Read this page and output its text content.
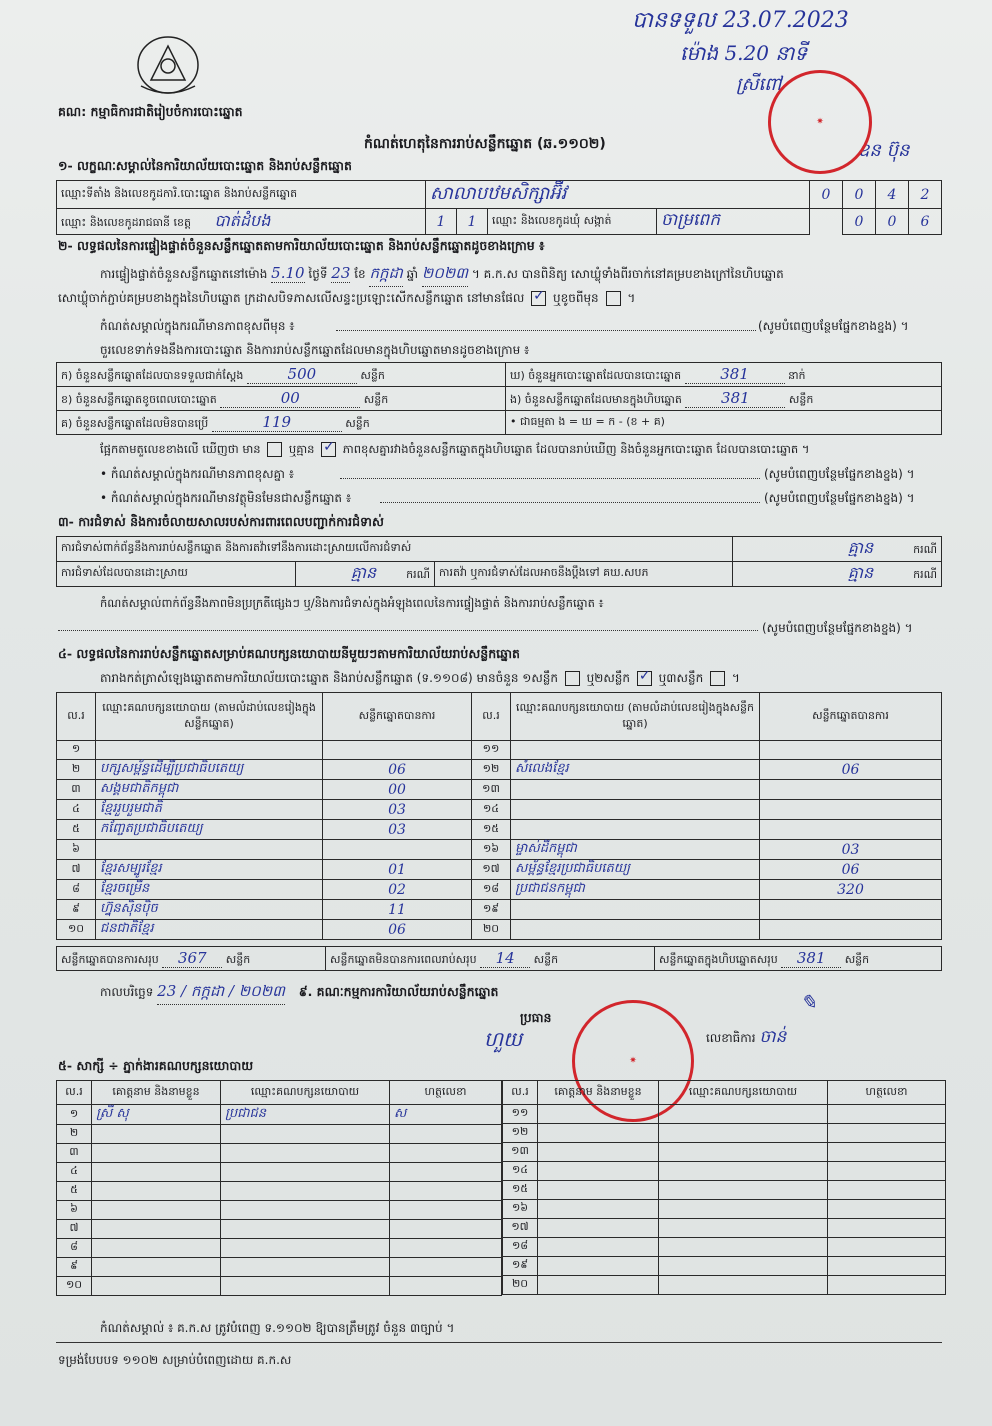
បានទទួល 23.07.2023
ម៉ោង 5.20 នាទី
ស្រីពៅ
ឧន ប៊ុន
✷
គណ: កម្មាធិការជាតិរៀបចំការបោះឆ្នោត
កំណត់ហេតុនៃការរាប់សន្លឹកឆ្នោត (ឆ.១១០២)
១- លក្ខណៈសម្គាល់នៃការិយាល័យបោះឆ្នោត និងរាប់សន្លឹកឆ្នោត
ឈ្មោះទីតាំង និងលេខកូដការិ.បោះឆ្នោត និងរាប់សន្លឹកឆ្នោត	សាលាបឋមសិក្សាអ៊ីវ				0	0	4	2
ឈ្មោះ និងលេខកូដរាជធានី ខេត្ត បាត់ដំបង	1	1	ឈ្មោះ និងលេខកូដឃុំ សង្កាត់	ចាម្រពេក		0	0	6
២- លទ្ធផលនៃការផ្ទៀងផ្ទាត់ចំនួនសន្លឹកឆ្នោតតាមការិយាល័យបោះឆ្នោត និងរាប់សន្លឹកឆ្នោតដូចខាងក្រោម ៖
ការផ្ទៀងផ្ទាត់ចំនួនសន្លឹកឆ្នោតនៅម៉ោង 5.10 ថ្ងៃទី 23 ខែ កក្កដា ឆ្នាំ ២០២៣ ។ គ.ក.ស បានពិនិត្យ សោឃ្លុំទាំងពីរចាក់នៅគម្របខាងក្រៅនៃហិបឆ្នោត
សោឃ្លុំចាក់ភ្ជាប់គម្របខាងក្នុងនៃហិបឆ្នោត ក្រដាសបិទភាសលើសន្ទះប្រឡោះសើកសន្លឹកឆ្នោត នៅមានផែល ✓ ឬខូចពីមុន  ។
កំណត់សម្គាល់ក្នុងករណីមានភាពខុសពីមុន ៖	(សូមបំពេញបន្ថែមផ្នែកខាងខ្នង) ។
ចួរលេខទាក់ទងនឹងការបោះឆ្នោត និងការរាប់សន្លឹកឆ្នោតដែលមានក្នុងហិបឆ្នោតមានដូចខាងក្រោម ៖
ក) ចំនួនសន្លឹកឆ្នោតដែលបានទទួលជាក់ស្តែង 500 សន្លឹក	ឃ) ចំនួនអ្នកបោះឆ្នោតដែលបានបោះឆ្នោត 381 នាក់
ខ) ចំនួនសន្លឹកឆ្នោតខូចពេលបោះឆ្នោត 00 សន្លឹក	ង) ចំនួនសន្លឹកឆ្នោតដែលមានក្នុងហិបឆ្នោត 381 សន្លឹក
គ) ចំនួនសន្លឹកឆ្នោតដែលមិនបានប្រើ 119 សន្លឹក	• ជាធម្មតា ង = ឃ = ក - (ខ + គ)
ផ្អែកតាមតួលេខខាងលើ ឃើញថា មាន ឬគ្មាន ✓ ភាពខុសគ្នារវាងចំនួនសន្លឹកឆ្នោតក្នុងហិបឆ្នោត ដែលបានរាប់ឃើញ និងចំនួនអ្នកបោះឆ្នោត ដែលបានបោះឆ្នោត ។
• កំណត់សម្គាល់ក្នុងករណីមានភាពខុសគ្នា ៖	(សូមបំពេញបន្ថែមផ្នែកខាងខ្នង) ។
• កំណត់សម្គាល់ក្នុងករណីមានវត្ថុមិនមែនជាសន្លឹកឆ្នោត ៖	(សូមបំពេញបន្ថែមផ្នែកខាងខ្នង) ។
៣- ការជំទាស់ និងការចំលាយសាលរបស់ការពារពេលបញ្ជាក់ការជំទាស់
ការជំទាស់ពាក់ព័ន្ធនឹងការរាប់សន្លឹកឆ្នោត និងការតវ៉ាទៅនឹងការដោះស្រាយលើការជំទាស់			គ្មាន ករណី
ការជំទាស់ដែលបានដោះស្រាយ	គ្មាន ករណី	ការតវ៉ា ឬការជំទាស់ដែលអាចនឹងប្តឹងទៅ គឃ.សបភ	គ្មាន ករណី
កំណត់សម្គាល់ពាក់ព័ន្ធនឹងភាពមិនប្រក្រតីផ្សេងៗ ឬ/និងការជំទាស់ក្នុងអំឡុងពេលនៃការផ្ទៀងផ្ទាត់ និងការរាប់សន្លឹកឆ្នោត ៖
(សូមបំពេញបន្ថែមផ្នែកខាងខ្នង) ។
៤- លទ្ធផលនៃការរាប់សន្លឹកឆ្នោតសម្រាប់គណបក្សនយោបាយនីមួយៗតាមការិយាល័យរាប់សន្លឹកឆ្នោត
តារាងកត់ត្រាសំឡេងឆ្នោតតាមការិយាល័យបោះឆ្នោត និងរាប់សន្លឹកឆ្នោត (ទ.១១០៨) មានចំនួន ១សន្លឹក ឬ២សន្លឹក ✓ ឬ៣សន្លឹក  ។
ល.រ	ឈ្មោះគណបក្សនយោបាយ (តាមលំដាប់លេខរៀងក្នុងសន្លឹកឆ្នោត)	សន្លឹកឆ្នោតបានការ	ល.រ	ឈ្មោះគណបក្សនយោបាយ (តាមលំដាប់លេខរៀងក្នុងសន្លឹកឆ្នោត)	សន្លឹកឆ្នោតបានការ
១			១១		
២	បក្សសម្ព័ន្ធដើម្បីប្រជាធិបតេយ្យ	06	១២	សំលេងខ្មែរ	06
៣	សង្គមជាតិកម្ពុជា	00	១៣		
៤	ខ្មែររួបរួមជាតិ	03	១៤		
៥	កញ្ចែតប្រជាធិបតេយ្យ	03	១៥		
៦			១៦	ម្ចាស់ដីកម្ពុជា	03
៧	ខ្មែរសម្បូរខ្មែរ	01	១៧	សម្ព័ន្ធខ្មែរប្រជាធិបតេយ្យ	06
៨	ខ្មែរចម្រើន	02	១៨	ប្រជាជនកម្ពុជា	320
៩	ហ្វ៊ុនស៊ិនប៉ិច	11	១៩		
១០	ជនជាតិខ្មែរ	06	២០		
សន្លឹកឆ្នោតបានការសរុប 367 សន្លឹក	សន្លឹកឆ្នោតមិនបានការពេលរាប់សរុប 14 សន្លឹក	សន្លឹកឆ្នោតក្នុងហិបឆ្នោតសរុប 381 សន្លឹក
កាលបរិច្ឆេទ 23 / កក្កដា / ២០២៣ ៩. គណៈកម្មការការិយាល័យរាប់សន្លឹកឆ្នោត
ប្រធាន
ហួយ
✷
លេខាធិការ ចាន់
✎
៥- សាក្សី ÷ ភ្នាក់ងារគណបក្សនយោបាយ
ល.រ	គោត្តនាម និងនាមខ្លួន	ឈ្មោះគណបក្សនយោបាយ	ហត្ថលេខា
១	ស្រី សុ	ប្រជាជន	ស
២			
៣			
៤			
៥			
៦			
៧			
៨			
៩			
១០			
ល.រ	គោត្តនាម និងនាមខ្លួន	ឈ្មោះគណបក្សនយោបាយ	ហត្ថលេខា
១១			
១២			
១៣			
១៤			
១៥			
១៦			
១៧			
១៨			
១៩			
២០			
កំណត់សម្គាល់ ៖ គ.ក.ស ត្រូវបំពេញ ទ.១១០២ ឱ្យបានត្រឹមត្រូវ ចំនួន ៣ច្បាប់ ។
ទម្រង់បែបបទ ១១០២ សម្រាប់បំពេញដោយ គ.ក.ស
